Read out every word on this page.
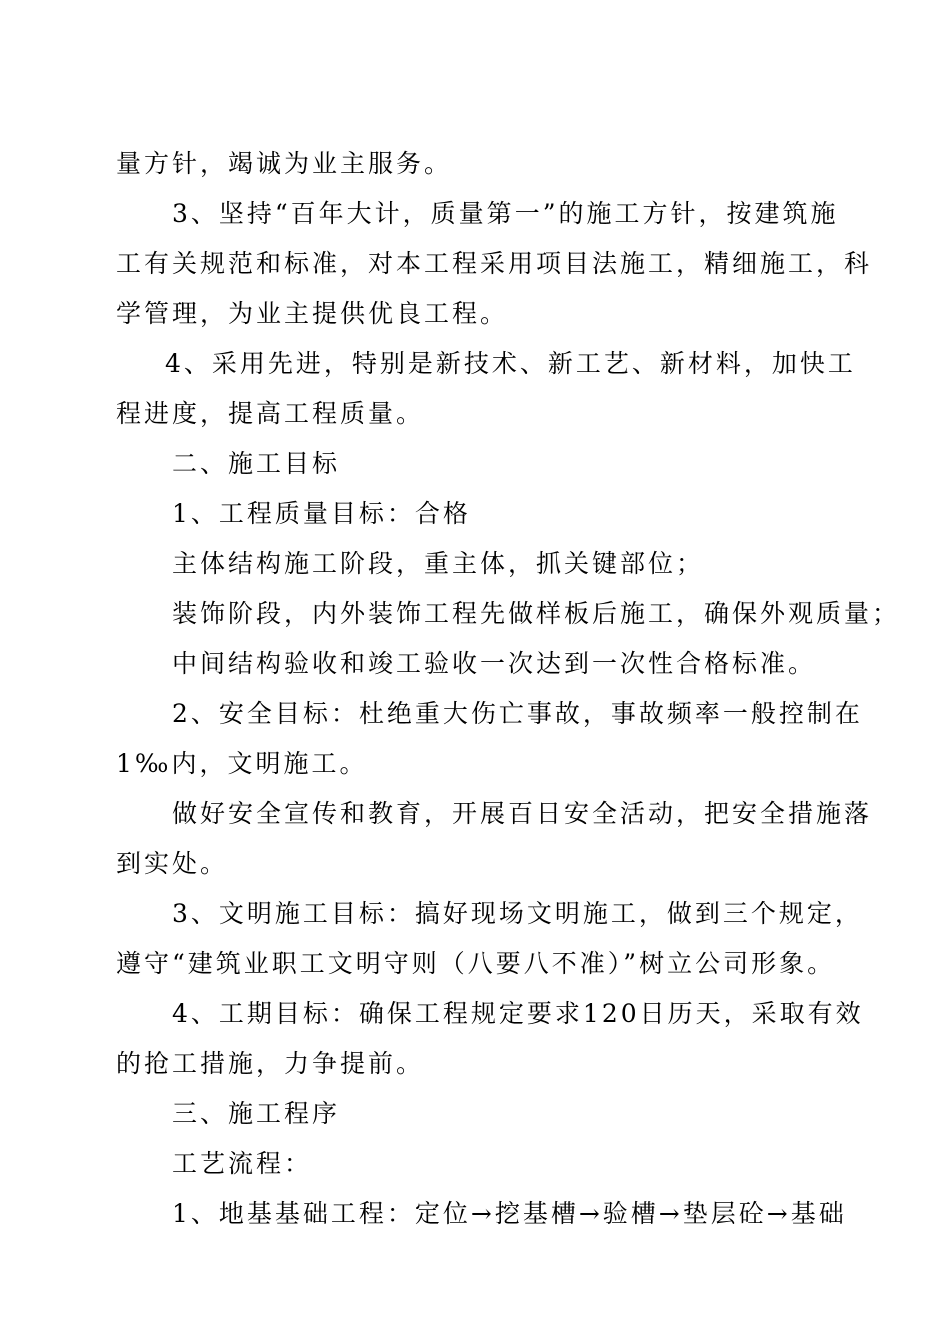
量方针，竭诚为业主服务。
3、坚持“百年大计，质量第一”的施工方针，按建筑施
工有关规范和标准，对本工程采用项目法施工，精细施工，科
学管理，为业主提供优良工程。
4、采用先进，特别是新技术、新工艺、新材料，加快工
程进度，提高工程质量。
二、施工目标
1、工程质量目标：合格
主体结构施工阶段，重主体，抓关键部位；
装饰阶段，内外装饰工程先做样板后施工，确保外观质量；
中间结构验收和竣工验收一次达到一次性合格标准。
2、安全目标：杜绝重大伤亡事故，事故频率一般控制在
1‰内，文明施工。
做好安全宣传和教育，开展百日安全活动，把安全措施落
到实处。
3、文明施工目标：搞好现场文明施工，做到三个规定，
遵守“建筑业职工文明守则（八要八不准）”树立公司形象。
4、工期目标：确保工程规定要求120日历天，采取有效
的抢工措施，力争提前。
三、施工程序
工艺流程：
1、地基基础工程：定位→挖基槽→验槽→垫层砼→基础
